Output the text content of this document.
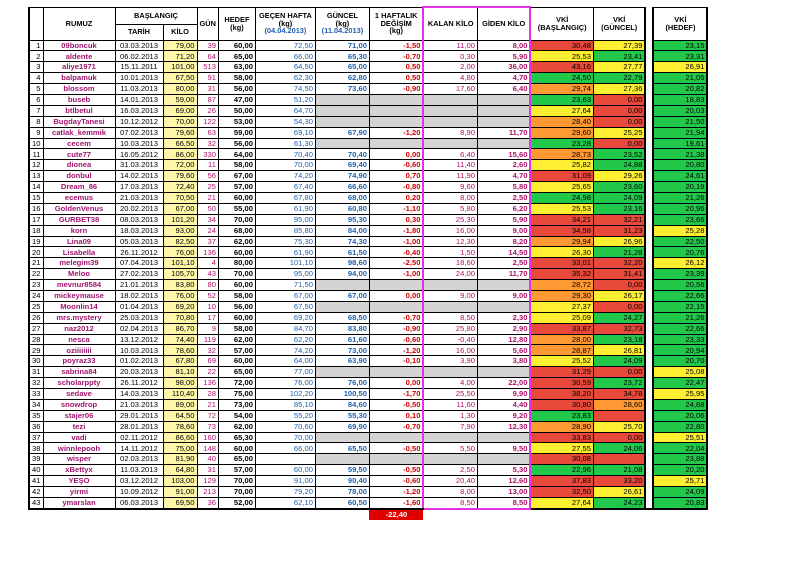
	RUMUZ	BAŞLANGIÇ		GÜN	HEDEF
(kg)	GEÇEN HAFTA
(kg)
(04.04.2013)	GÜNCEL
(kg)
(11.04.2013)	1 HAFTALIK
DEĞİŞİM
(kg)	KALAN KİLO	GİDEN KİLO	VKİ
(BAŞLANGIÇ)	VKİ
(GÜNCEL)		VKİ
(HEDEF)
		TARİH	KİLO											
1	09boncuk	03.03.2013	79,00	39	60,00	72,50	71,00	-1,50	11,00	8,00	30,48	27,39		23,15
2	aldente	06.02.2013	71,20	64	65,00	66,00	65,30	-0,70	0,30	5,90	25,53	23,41		23,31
3	aliye1971	15.11.2011	101,00	513	63,00	64,50	65,00	0,50	2,00	36,00	43,16	27,77		26,91
4	balpamuk	10.01.2013	67,50	91	58,00	62,30	62,80	0,50	4,80	4,70	24,50	22,79		21,05
5	blossom	11.03.2013	80,00	31	56,00	74,50	73,60	-0,90	17,60	6,40	29,74	27,36		20,82
6	buseb	14.01.2013	59,00	87	47,00	51,20					23,63	0,00		18,83
7	btlbetul	16.03.2013	69,00	26	50,00	64,70					27,64	0,00		20,03
8	BugdayTanesi	10.12.2012	70,00	122	53,00	54,30					28,40	0,00		21,50
9	catlak_kemmik	07.02.2013	79,60	63	59,00	69,10	67,90	-1,20	8,90	11,70	29,60	25,25		21,94
10	cecem	10.03.2013	66,50	32	56,00	61,30					23,28	0,00		19,61
11	cute77	16.05.2012	86,00	330	64,00	70,40	70,40	0,00	6,40	15,60	28,73	23,52		21,38
12	dionea	31.03.2013	72,00	11	58,00	70,00	69,40	-0,60	11,40	2,60	25,82	24,88		20,80
13	donbul	14.02.2013	79,60	56	67,00	74,20	74,90	0,70	11,90	4,70	31,09	29,26		24,61
14	Dream_86	17.03.2013	72,40	25	57,00	67,40	66,60	-0,80	9,60	5,80	25,65	23,60		20,19
15	ecemus	21.03.2013	70,50	21	60,00	67,80	68,00	0,20	8,00	2,50	24,98	24,09		21,26
16	GoldenVenus	20.02.2013	67,00	50	55,00	61,90	60,80	-1,10	5,80	6,20	25,53	23,16		20,96
17	GURBET38	08.03.2013	101,20	34	70,00	95,00	95,30	0,30	25,30	5,90	34,21	32,21		23,66
18	korn	18.03.2013	93,00	24	68,00	85,80	84,00	-1,80	16,00	9,00	34,58	31,23		25,28
19	Lina09	05.03.2013	82,50	37	62,00	75,30	74,30	-1,00	12,30	8,20	29,94	26,96		22,50
20	Lisabella	26.11.2012	76,00	136	60,00	61,90	61,50	-0,40	1,50	14,50	26,30	21,28		20,76
21	melegim39	07.04.2013	101,10	4	80,00	101,10	98,60	-2,50	18,60	2,50	33,01	32,20		26,12
22	Meloo	27.02.2013	105,70	43	70,00	95,00	94,00	-1,00	24,00	11,70	35,32	31,41		23,39
23	mevnur8584	21.01.2013	83,80	80	60,00	71,50					28,72	0,00		20,56
24	mickeymause	18.02.2013	76,00	52	58,00	67,00	67,00	0,00	9,00	9,00	29,30	26,17		22,66
25	Moonlin14	01.04.2013	69,20	10	56,00	67,50					27,37	0,00		22,15
26	mrs.mystery	25.03.2013	70,80	17	60,00	69,20	68,50	-0,70	8,50	2,30	25,09	24,27		21,26
27	naz2012	02.04.2013	86,70	9	58,00	84,70	83,80	-0,90	25,80	2,90	33,87	32,73		22,66
28	nesca	13.12.2012	74,40	119	62,00	62,20	61,60	-0,60	-0,40	12,80	28,00	23,18		23,33
29	oziiiiiiii	10.03.2013	78,60	32	57,00	74,20	73,00	-1,20	16,00	5,60	28,87	26,81		20,94
30	poyraz33	01.02.2013	67,80	69	60,00	64,00	63,90	-0,10	3,90	3,80	25,52	24,09		20,70
31	sabrina84	20.03.2013	81,10	22	65,00	77,00					31,29	0,00		25,08
32	scholarppty	26.11.2012	98,00	136	72,00	76,00	76,00	0,00	4,00	22,00	30,59	23,72		22,47
33	sedave	14.03.2013	110,40	28	75,00	102,20	100,50	-1,70	25,50	9,90	38,20	34,78		25,95
34	snowdrop	21.03.2013	89,00	21	73,00	85,10	84,60	-0,50	11,60	4,40	30,80	28,60		24,68
35	stajer06	29.01.2013	64,50	72	54,00	55,20	55,30	0,10	1,30	9,20	23,83			20,06
36	tezi	28.01.2013	78,60	73	62,00	70,60	69,90	-0,70	7,90	12,30	28,90	25,70		22,80
37	vadi	02.11.2012	86,60	160	65,30	70,00					33,83	0,00		25,51
38	winnlepooh	14.11.2012	75,00	148	60,00	66,00	65,50	-0,50	5,50	9,50	27,55	24,06		22,04
39	wisper	02.03.2013	81,90	40	65,00						30,08			23,88
40	xBettyx	11.03.2013	64,80	31	57,00	60,00	59,50	-0,50	2,50	5,30	22,96	21,08		20,20
41	YEŞO	03.12.2012	103,00	129	70,00	91,00	90,40	-0,60	20,40	12,60	37,83	33,20		25,71
42	yirmi	10.09.2012	91,00	213	70,00	79,20	78,00	-1,20	8,00	13,00	32,50	26,61		24,09
43	ymarslan	06.03.2013	69,50	36	52,00	62,10	60,50	-1,60	8,50	8,50	27,64	24,23		20,83
								-22,40						
